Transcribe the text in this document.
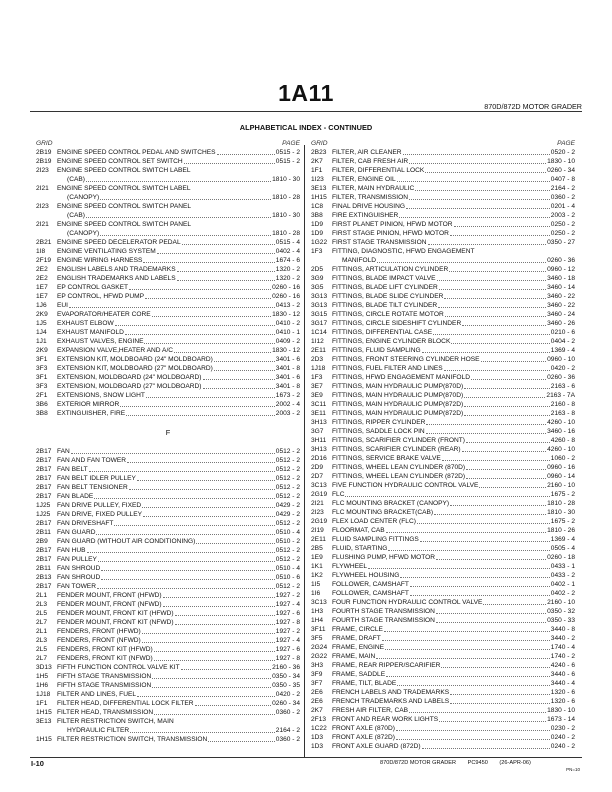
1A11
870D/872D MOTOR GRADER
ALPHABETICAL INDEX - CONTINUED
GRID	PAGE
2B19 ENGINE SPEED CONTROL PEDAL AND SWITCHES	0515 - 2
2B19 ENGINE SPEED CONTROL SET SWITCH	0515 - 2
2I23	ENGINE SPEED CONTROL SWITCH LABEL
(CAB)	1810 - 30
2I21	ENGINE SPEED CONTROL SWITCH LABEL
(CANOPY)	1810 - 28
2I23	ENGINE SPEED CONTROL SWITCH PANEL
(CAB)	1810 - 30
2I21	ENGINE SPEED CONTROL SWITCH PANEL
(CANOPY)	1810 - 28
2B21 ENGINE SPEED DECELERATOR PEDAL	0515 - 4
1I8	ENGINE VENTILATING SYSTEM	0402 - 4
2F19 ENGINE WIRING HARNESS	1674 - 6
2E2	ENGLISH LABELS AND TRADEMARKS	1320 - 2
2E2	ENGLISH TRADEMARKS AND LABELS	1320 - 2
1E7	EP CONTROL GASKET	0260 - 16
1E7	EP CONTROL, HFWD PUMP	0260 - 16
1J6	EUI	0413 - 2
2K9	EVAPORATOR/HEATER CORE	1830 - 12
1J5	EXHAUST ELBOW	0410 - 2
1J4	EXHAUST MANIFOLD	0410 - 1
1J1	EXHAUST VALVES, ENGINE	0409 - 2
2K9	EXPANSION VALVE,HEATER AND A/C	1830 - 12
3F1	EXTENSION KIT, MOLDBOARD (24" MOLDBOARD)	3401 - 6
3F3	EXTENSION KIT, MOLDBOARD (27" MOLDBOARD)	3401 - 8
3F1	EXTENSION, MOLDBOARD (24" MOLDBOARD)	3401 - 6
3F3	EXTENSION, MOLDBOARD (27" MOLDBOARD)	3401 - 8
2F1	EXTENSIONS, SNOW LIGHT	1673 - 2
3B6	EXTERIOR MIRROR	2002 - 4
3B8	EXTINGUISHER, FIRE	2003 - 2
F
2B17 FAN	0512 - 2
2B17 FAN AND FAN TOWER	0512 - 2
2B17 FAN BELT	0512 - 2
2B17 FAN BELT IDLER PULLEY	0512 - 2
2B17 FAN BELT TENSIONER	0512 - 2
2B17 FAN BLADE	0512 - 2
1J25	FAN DRIVE PULLEY, FIXED	0429 - 2
1J25	FAN DRIVE, FIXED PULLEY	0429 - 2
2B17 FAN DRIVESHAFT	0512 - 2
2B11 FAN GUARD	0510 - 4
2B9	FAN GUARD (WITHOUT AIR CONDITIONING)	0510 - 2
2B17 FAN HUB	0512 - 2
2B17 FAN PULLEY	0512 - 2
2B11 FAN SHROUD	0510 - 4
2B13 FAN SHROUD	0510 - 6
2B17 FAN TOWER	0512 - 2
2L1	FENDER MOUNT, FRONT (HFWD)	1927 - 2
2L3	FENDER MOUNT, FRONT (NFWD)	1927 - 4
2L5	FENDER MOUNT, FRONT KIT (HFWD)	1927 - 6
2L7	FENDER MOUNT, FRONT KIT (NFWD)	1927 - 8
2L1	FENDERS, FRONT (HFWD)	1927 - 2
2L3	FENDERS, FRONT (NFWD)	1927 - 4
2L5	FENDERS, FRONT KIT (HFWD)	1927 - 6
2L7	FENDERS, FRONT KIT (NFWD)	1927 - 8
3D13 FIFTH FUNCTION CONTROL VALVE KIT	2160 - 36
1H5	FIFTH STAGE TRANSMISSION	0350 - 34
1H6	FIFTH STAGE TRANSMISSION	0350 - 35
1J18	FILTER AND LINES, FUEL	0420 - 2
1F1	FILTER HEAD, DIFFERENTIAL LOCK FILTER	0260 - 34
1H15 FILTER HEAD, TRANSMISSION	0360 - 2
3E13 FILTER RESTRICTION SWITCH, MAIN
HYDRAULIC FILTER	2164 - 2
1H15 FILTER RESTRICTION SWITCH, TRANSMISSION	0360 - 2
GRID	PAGE
2B23 FILTER, AIR CLEANER	0520 - 2
2K7	FILTER, CAB FRESH AIR	1830 - 10
1F1	FILTER, DIFFERENTIAL LOCK	0260 - 34
1I23	FILTER, ENGINE OIL	0407 - 8
3E13 FILTER, MAIN HYDRAULIC	2164 - 2
1H15 FILTER, TRANSMISSION	0360 - 2
1C8	FINAL DRIVE HOUSING	0201 - 4
3B8	FIRE EXTINGUISHER	2003 - 2
1D9	FIRST PLANET PINION, HFWD MOTOR	0250 - 2
1D9	FIRST STAGE PINION, HFWD MOTOR	0250 - 2
1G22 FIRST STAGE TRANSMISSION	0350 - 27
1F3	FITTING, DIAGNOSTIC, HFWD ENGAGEMENT
MANIFOLD	0260 - 36
2D5	FITTINGS, ARTICULATION CYLINDER	0960 - 12
3G9	FITTINGS, BLADE IMPACT VALVE	3460 - 18
3G5	FITTINGS, BLADE LIFT CYLINDER	3460 - 14
3G13 FITTINGS, BLADE SLIDE CYLINDER	3460 - 22
3G13 FITTINGS, BLADE TILT CYLINDER	3460 - 22
3G15 FITTINGS, CIRCLE ROTATE MOTOR	3460 - 24
3G17 FITTINGS, CIRCLE SIDESHIFT CYLINDER	3460 - 26
1C14 FITTINGS, DIFFERENTIAL CASE	0210 - 6
1I12	FITTINGS, ENGINE CYLINDER BLOCK	0404 - 2
2E11 FITTINGS, FLUID SAMPLING	1369 - 4
2D3	FITTINGS, FRONT STEERING CYLINDER HOSE	0960 - 10
1J18	FITTINGS, FUEL FILTER AND LINES	0420 - 2
1F3	FITTINGS, HFWD ENGAGEMENT MANIFOLD	0260 - 36
3E7	FITTINGS, MAIN HYDRAULIC PUMP(870D)	2163 - 6
3E9	FITTINGS, MAIN HYDRAULIC PUMP(870D)	2163 - 7A
3C11 FITTINGS, MAIN HYDRAULIC PUMP(872D)	2160 - 8
3E11 FITTINGS, MAIN HYDRAULIC PUMP(872D)	2163 - 8
3H13 FITTINGS, RIPPER CYLINDER	4260 - 10
3G7	FITTINGS, SADDLE LOCK PIN	3460 - 16
3H11 FITTINGS, SCARIFIER CYLINDER (FRONT)	4260 - 8
3H13 FITTINGS, SCARIFIER CYLINDER (REAR)	4260 - 10
2D16 FITTINGS, SERVICE BRAKE VALVE	1060 - 2
2D9	FITTINGS, WHEEL LEAN CYLINDER (870D)	0960 - 16
2D7	FITTINGS, WHEEL LEAN CYLINDER (872D)	0960 - 14
3C13 FIVE FUNCTION HYDRAULIC CONTROL VALVE	2160 - 10
2G19 FLC	1675 - 2
2I21	FLC MOUNTING BRACKET (CANOPY)	1810 - 28
2I23	FLC MOUNTING BRACKET(CAB)	1810 - 30
2G19 FLEX LOAD CENTER (FLC)	1675 - 2
2I19	FLOORMAT, CAB	1810 - 26
2E11 FLUID SAMPLING FITTINGS	1369 - 4
2B5	FLUID, STARTING	0505 - 4
1E9	FLUSHING PUMP, HFWD MOTOR	0260 - 18
1K1	FLYWHEEL	0433 - 1
1K2	FLYWHEEL HOUSING	0433 - 2
1I5	FOLLOWER, CAMSHAFT	0402 - 1
1I6	FOLLOWER, CAMSHAFT	0402 - 2
3C13 FOUR FUNCTION HYDRAULIC CONTROL VALVE	2160 - 10
1H3	FOURTH STAGE TRANSMISSION	0350 - 32
1H4	FOURTH STAGE TRANSMISSION	0350 - 33
3F11 FRAME, CIRCLE	3440 - 8
3F5	FRAME, DRAFT	3440 - 2
2G24 FRAME, ENGINE	1740 - 4
2G22 FRAME, MAIN	1740 - 2
3H3	FRAME, REAR RIPPER/SCARIFIER	4240 - 6
3F9	FRAME, SADDLE	3440 - 6
3F7	FRAME, TILT, BLADE	3440 - 4
2E6	FRENCH LABELS AND TRADEMARKS	1320 - 6
2E6	FRENCH TRADEMARKS AND LABELS	1320 - 6
2K7	FRESH AIR FILTER, CAB	1830 - 10
2F13 FRONT AND REAR WORK LIGHTS	1673 - 14
1C22 FRONT AXLE (870D)	0230 - 2
1D3	FRONT AXLE (872D)	0240 - 2
1D3	FRONT AXLE GUARD (872D)	0240 - 2
I-10	870D/872D MOTOR GRADER PC9450 (26-APR-06)
PN=10
